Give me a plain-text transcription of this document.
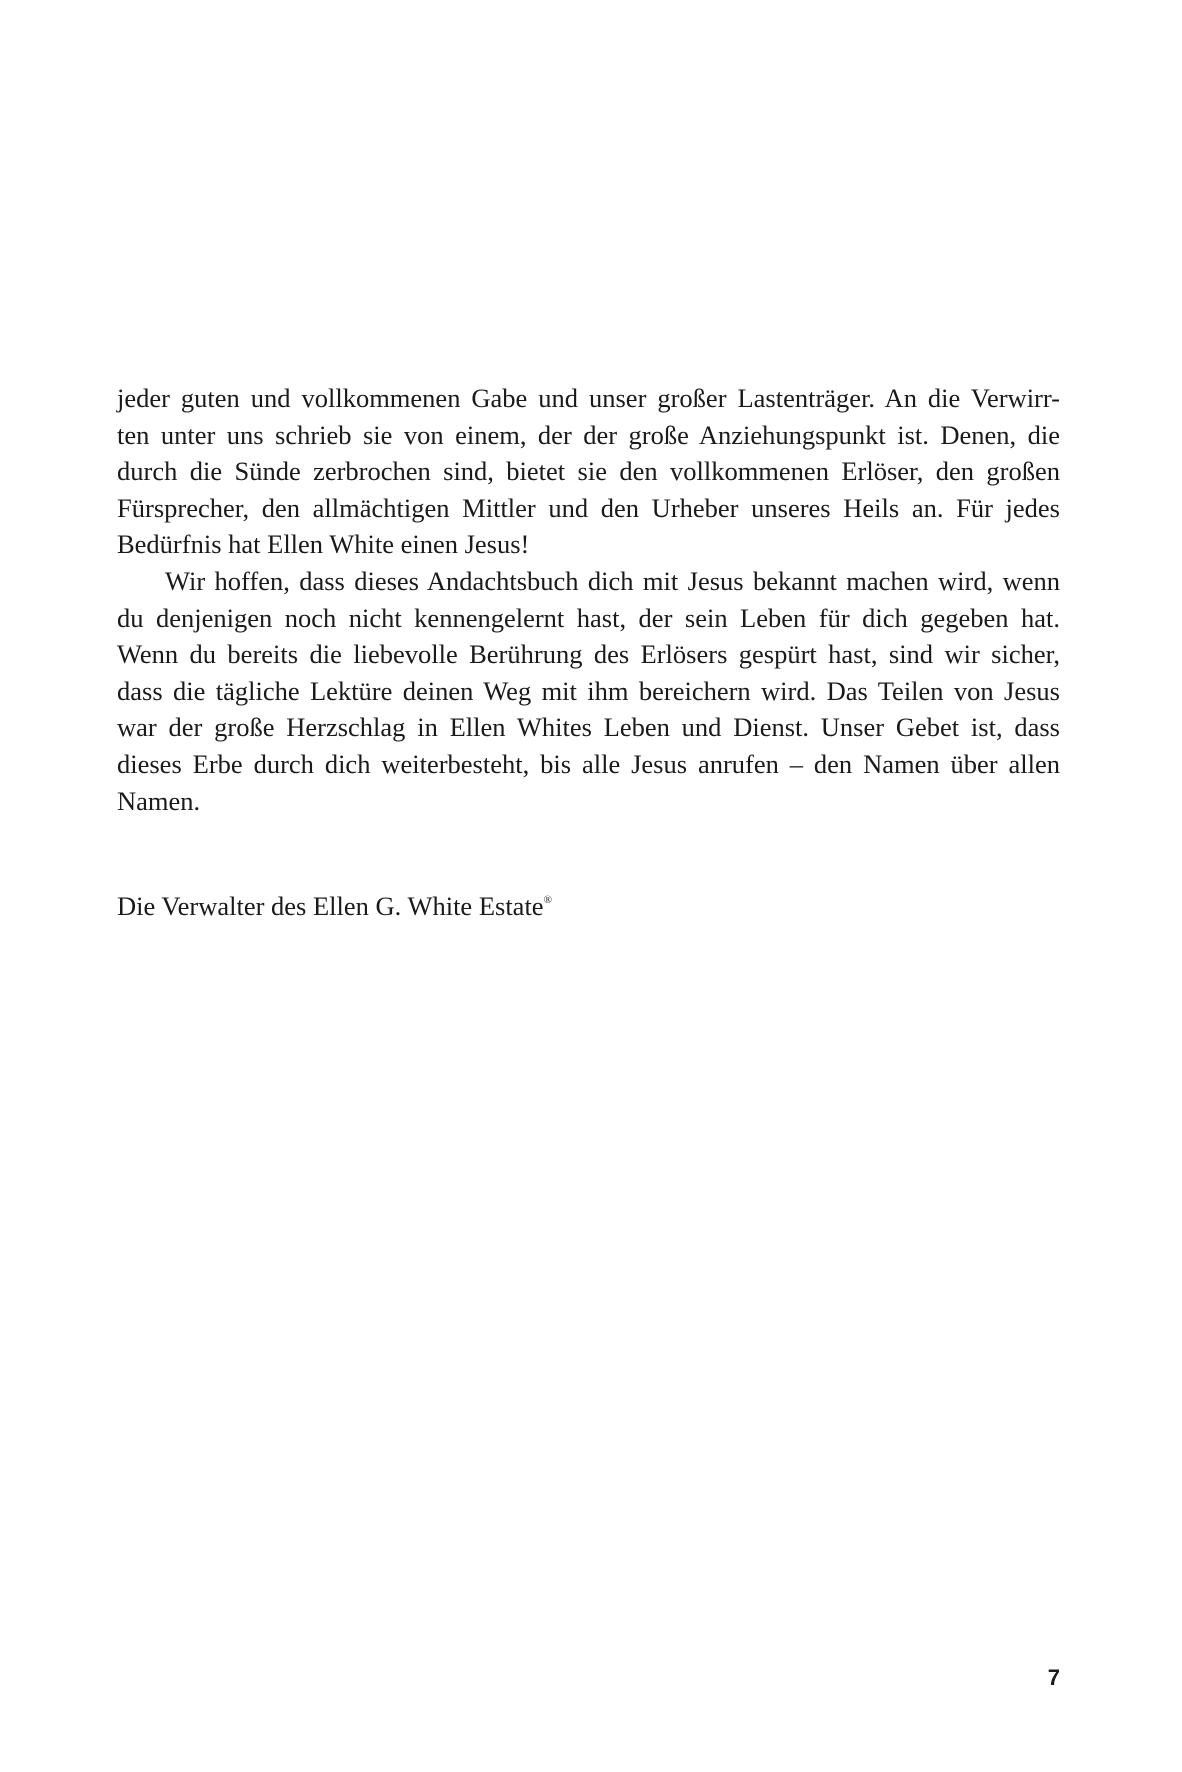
jeder guten und vollkommenen Gabe und unser großer Lastenträger. An die Verwirr-
ten unter uns schrieb sie von einem, der der große Anziehungspunkt ist. Denen, die
durch die Sünde zerbrochen sind, bietet sie den vollkommenen Erlöser, den großen
Fürsprecher, den allmächtigen Mittler und den Urheber unseres Heils an. Für jedes
Bedürfnis hat Ellen White einen Jesus!
Wir hoffen, dass dieses Andachtsbuch dich mit Jesus bekannt machen wird, wenn
du denjenigen noch nicht kennengelernt hast, der sein Leben für dich gegeben hat.
Wenn du bereits die liebevolle Berührung des Erlösers gespürt hast, sind wir sicher,
dass die tägliche Lektüre deinen Weg mit ihm bereichern wird. Das Teilen von Jesus
war der große Herzschlag in Ellen Whites Leben und Dienst. Unser Gebet ist, dass
dieses Erbe durch dich weiterbesteht, bis alle Jesus anrufen – den Namen über allen
Namen.
Die Verwalter des Ellen G. White Estate®
7
